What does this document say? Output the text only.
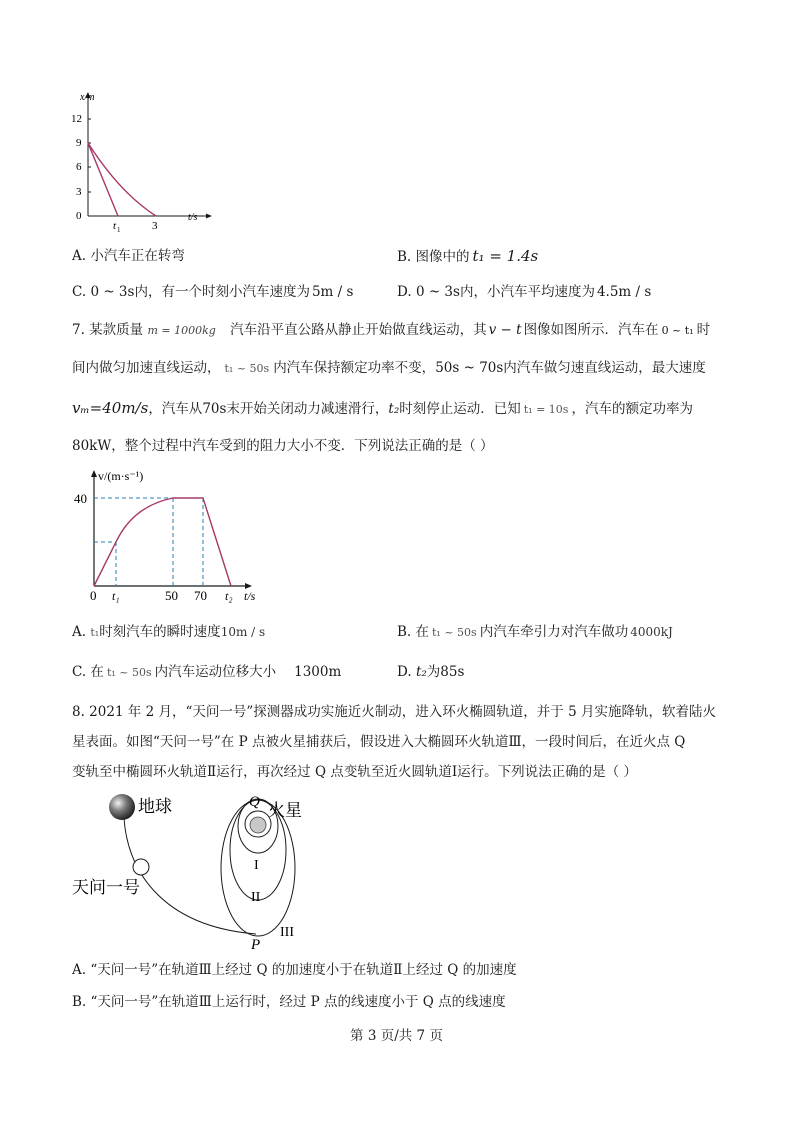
x/m
12
9
6
3
0
t 1	3
t/s
A. 小汽车正在转弯	B. 图像中的 t₁ = 1.4s
C. 0 ~ 3s内，有一个时刻小汽车速度为 5m / s	D. 0 ~ 3s内，小汽车平均速度为 4.5m / s
7. 某款质量 m = 1000kg 汽车沿平直公路从静止开始做直线运动，其 v − t 图像如图所示．汽车在 0 ~ t₁ 时
间内做匀加速直线运动， t₁ ~ 50s 内汽车保持额定功率不变，50s ~ 70s内汽车做匀速直线运动，最大速度
vₘ=40m/s，汽车从70s末开始关闭动力减速滑行，t₂时刻停止运动．已知 t₁ = 10s ，汽车的额定功率为
80kW，整个过程中汽车受到的阻力大小不变．下列说法正确的是（ ）
v/(m·s⁻¹)
40
0 t₁	50 70 t₂ t/s
A. t₁时刻汽车的瞬时速度10m / s	B. 在 t₁ ~ 50s 内汽车牵引力对汽车做功 4000kJ
C. 在 t₁ ~ 50s 内汽车运动位移大小 1300m	D. t₂为85s
8. 2021 年 2 月，“天问一号”探测器成功实施近火制动，进入环火椭圆轨道，并于 5 月实施降轨，软着陆火
星表面。如图“天问一号”在 P 点被火星捕获后，假设进入大椭圆环火轨道Ⅲ，一段时间后，在近火点 Q
变轨至中椭圆环火轨道Ⅱ运行，再次经过 Q 点变轨至近火圆轨道Ⅰ运行。下列说法正确的是（ ）
地球
天问一号
火星
Q
P
I
II
III
A. “天问一号”在轨道Ⅲ上经过 Q 的加速度小于在轨道Ⅱ上经过 Q 的加速度
B. “天问一号”在轨道Ⅲ上运行时，经过 P 点的线速度小于 Q 点的线速度
第 3 页/共 7 页
